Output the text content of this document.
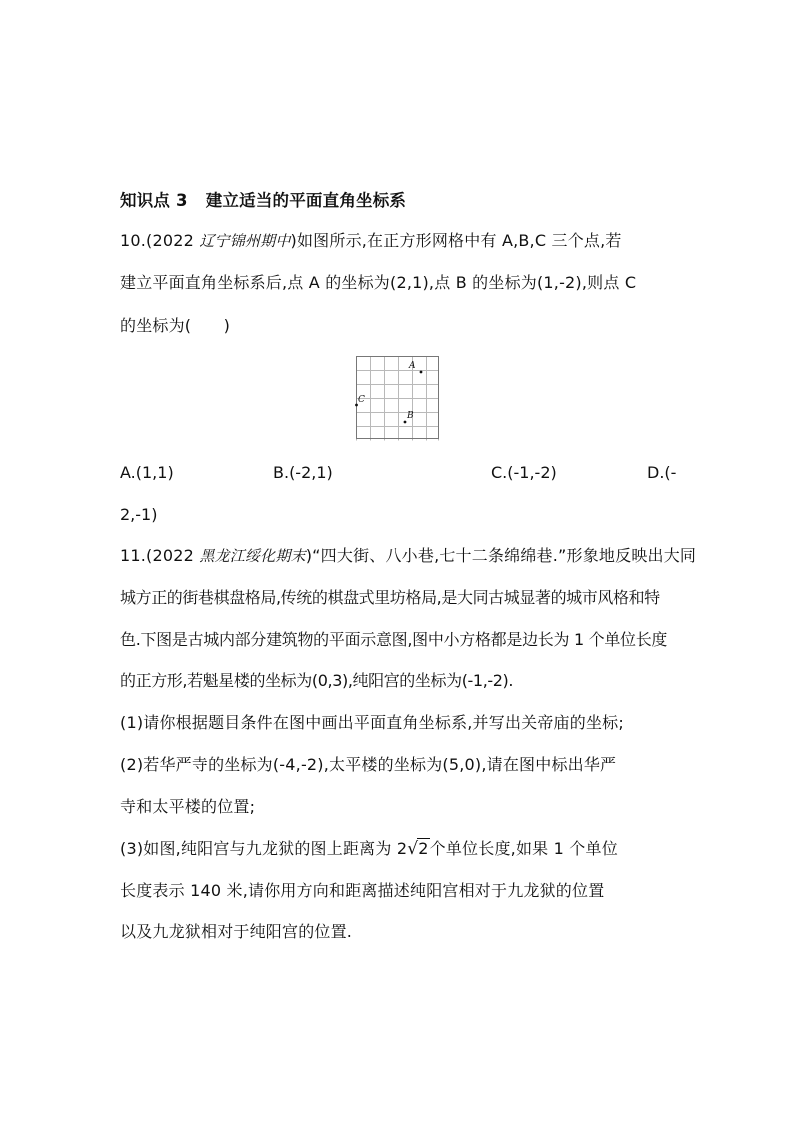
知识点 3 建立适当的平面直角坐标系
10.(2022 辽宁锦州期中)如图所示,在正方形网格中有 A,B,C 三个点,若
建立平面直角坐标系后,点 A 的坐标为(2,1),点 B 的坐标为(1,-2),则点 C
的坐标为(　　)
A
B
C
A.(1,1)	B.(-2,1)	C.(-1,-2)	D.(-
2,-1)
11.(2022 黑龙江绥化期末)“四大街、八小巷,七十二条绵绵巷.”形象地反映出大同
城方正的街巷棋盘格局,传统的棋盘式里坊格局,是大同古城显著的城市风格和特
色.下图是古城内部分建筑物的平面示意图,图中小方格都是边长为 1 个单位长度
的正方形,若魁星楼的坐标为(0,3),纯阳宫的坐标为(-1,-2).
(1)请你根据题目条件在图中画出平面直角坐标系,并写出关帝庙的坐标;
(2)若华严寺的坐标为(-4,-2),太平楼的坐标为(5,0),请在图中标出华严
寺和太平楼的位置;
(3)如图,纯阳宫与九龙狱的图上距离为 2√2个单位长度,如果 1 个单位
长度表示 140 米,请你用方向和距离描述纯阳宫相对于九龙狱的位置
以及九龙狱相对于纯阳宫的位置.
